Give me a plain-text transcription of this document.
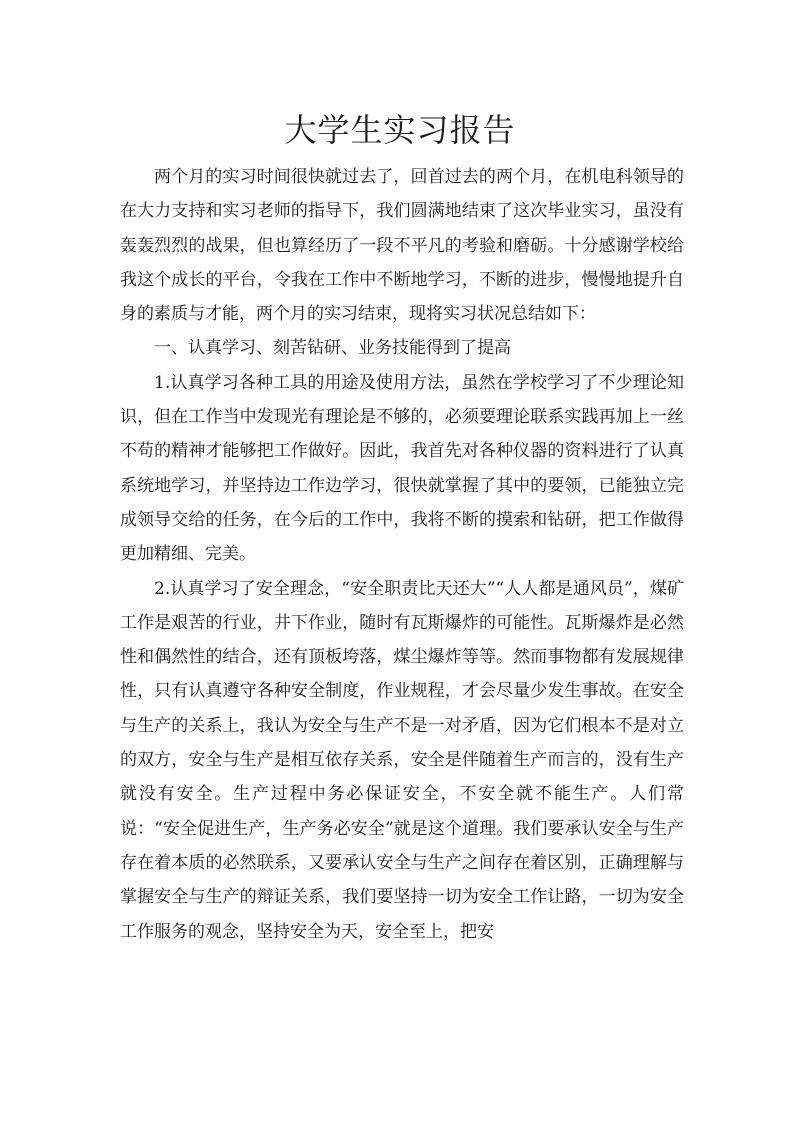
大学生实习报告

两个月的实习时间很快就过去了，回首过去的两个月，在机电科领导的在大力支持和实习老师的指导下，我们圆满地结束了这次毕业实习，虽没有轰轰烈烈的战果，但也算经历了一段不平凡的考验和磨砺。十分感谢学校给我这个成长的平台，令我在工作中不断地学习，不断的进步，慢慢地提升自身的素质与才能，两个月的实习结束，现将实习状况总结如下：

一、认真学习、刻苦钻研、业务技能得到了提高

1.认真学习各种工具的用途及使用方法，虽然在学校学习了不少理论知识，但在工作当中发现光有理论是不够的，必须要理论联系实践再加上一丝不苟的精神才能够把工作做好。因此，我首先对各种仪器的资料进行了认真系统地学习，并坚持边工作边学习，很快就掌握了其中的要领，已能独立完成领导交给的任务，在今后的工作中，我将不断的摸索和钻研，把工作做得更加精细、完美。

2.认真学习了安全理念，“安全职责比天还大”“人人都是通风员”，煤矿工作是艰苦的行业，井下作业，随时有瓦斯爆炸的可能性。瓦斯爆炸是必然性和偶然性的结合，还有顶板垮落，煤尘爆炸等等。然而事物都有发展规律性，只有认真遵守各种安全制度，作业规程，才会尽量少发生事故。在安全与生产的关系上，我认为安全与生产不是一对矛盾，因为它们根本不是对立的双方，安全与生产是相互依存关系，安全是伴随着生产而言的，没有生产就没有安全。生产过程中务必保证安全，不安全就不能生产。人们常说：“安全促进生产，生产务必安全”就是这个道理。我们要承认安全与生产存在着本质的必然联系，又要承认安全与生产之间存在着区别，正确理解与掌握安全与生产的辩证关系，我们要坚持一切为安全工作让路，一切为安全工作服务的观念，坚持安全为天，安全至上，把安
